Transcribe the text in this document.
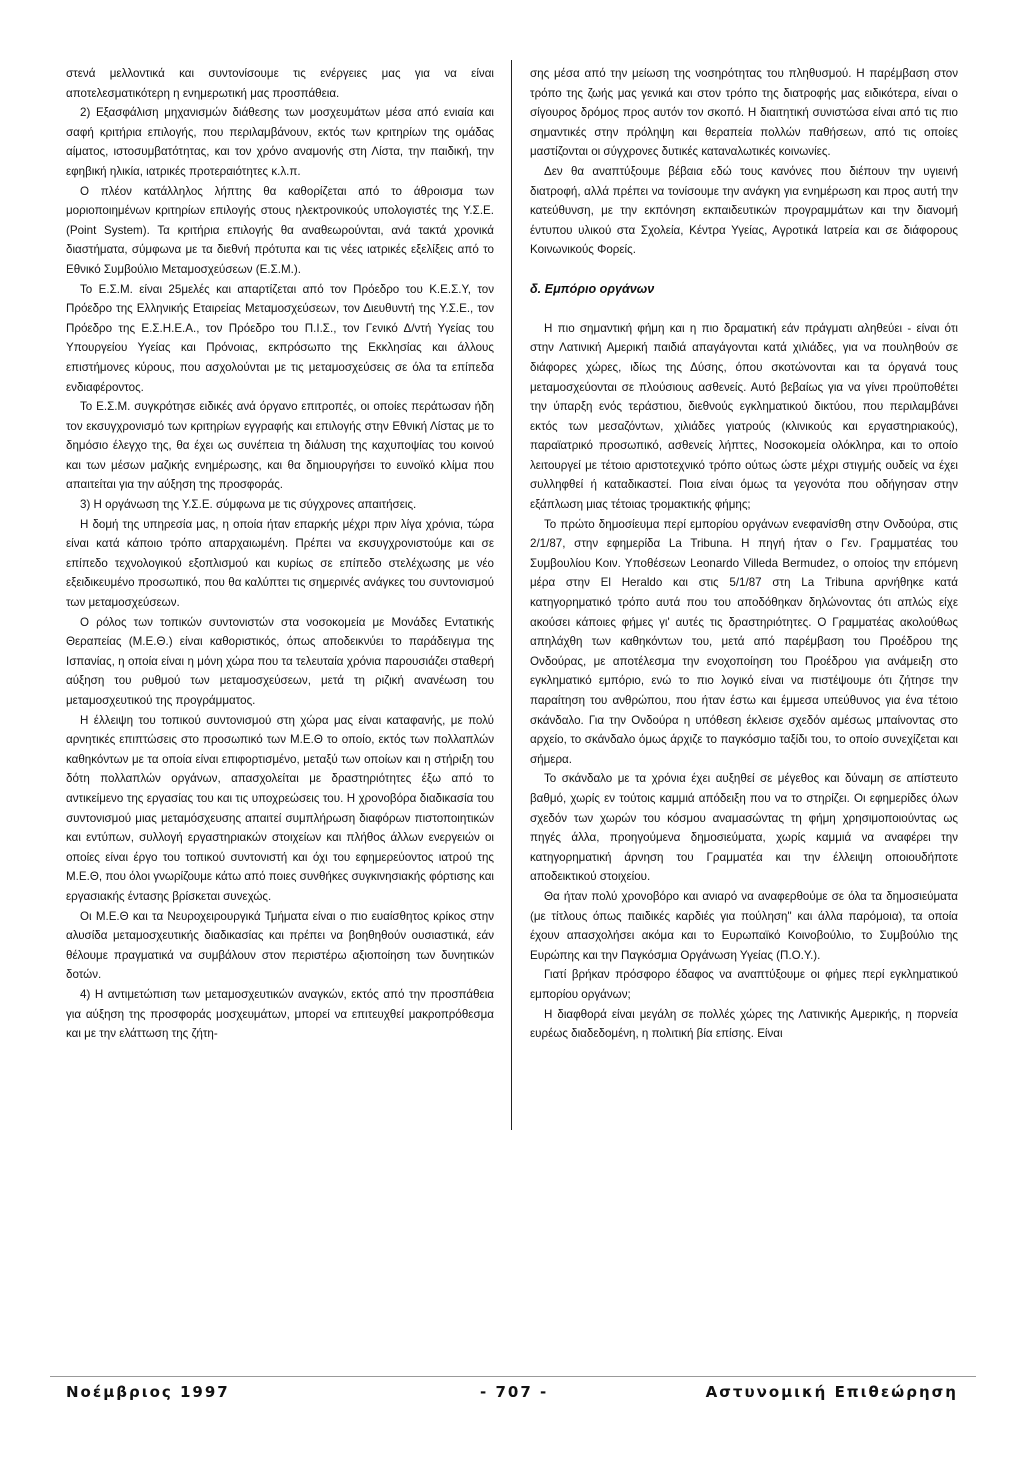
στενά μελλοντικά και συντονίσουμε τις ενέργειες μας για να είναι αποτελεσματικότερη η ενημερωτική μας προσπάθεια.

2) Εξασφάλιση μηχανισμών διάθεσης των μοσχευμάτων μέσα από ενιαία και σαφή κριτήρια επιλογής, που περιλαμβάνουν, εκτός των κριτηρίων της ομάδας αίματος, ιστοσυμβατότητας, και τον χρόνο αναμονής στη Λίστα, την παιδική, την εφηβική ηλικία, ιατρικές προτεραιότητες κ.λ.π.

Ο πλέον κατάλληλος λήπτης θα καθορίζεται από το άθροισμα των μοριοποιημένων κριτηρίων επιλογής στους ηλεκτρονικούς υπολογιστές της Υ.Σ.Ε. (Point System). Τα κριτήρια επιλογής θα αναθεωρούνται, ανά τακτά χρονικά διαστήματα, σύμφωνα με τα διεθνή πρότυπα και τις νέες ιατρικές εξελίξεις από το Εθνικό Συμβούλιο Μεταμοσχεύσεων (Ε.Σ.Μ.).

Το Ε.Σ.Μ. είναι 25μελές και απαρτίζεται από τον Πρόεδρο του Κ.Ε.Σ.Υ, τον Πρόεδρο της Ελληνικής Εταιρείας Μεταμοσχεύσεων, τον Διευθυντή της Υ.Σ.Ε., τον Πρόεδρο της Ε.Σ.Η.Ε.Α., τον Πρόεδρο του Π.Ι.Σ., τον Γενικό Δ/ντή Υγείας του Υπουργείου Υγείας και Πρόνοιας, εκπρόσωπο της Εκκλησίας και άλλους επιστήμονες κύρους, που ασχολούνται με τις μεταμοσχεύσεις σε όλα τα επίπεδα ενδιαφέροντος.

Το Ε.Σ.Μ. συγκρότησε ειδικές ανά όργανο επιτροπές, οι οποίες περάτωσαν ήδη τον εκσυγχρονισμό των κριτηρίων εγγραφής και επιλογής στην Εθνική Λίστας με το δημόσιο έλεγχο της, θα έχει ως συνέπεια τη διάλυση της καχυποψίας του κοινού και των μέσων μαζικής ενημέρωσης, και θα δημιουργήσει το ευνοϊκό κλίμα που απαιτείται για την αύξηση της προσφοράς.

3) Η οργάνωση της Υ.Σ.Ε. σύμφωνα με τις σύγχρονες απαιτήσεις.

Η δομή της υπηρεσία μας, η οποία ήταν επαρκής μέχρι πριν λίγα χρόνια, τώρα είναι κατά κάποιο τρόπο απαρχαιωμένη. Πρέπει να εκσυγχρονιστούμε και σε επίπεδο τεχνολογικού εξοπλισμού και κυρίως σε επίπεδο στελέχωσης με νέο εξειδικευμένο προσωπικό, που θα καλύπτει τις σημερινές ανάγκες του συντονισμού των μεταμοσχεύσεων.

Ο ρόλος των τοπικών συντονιστών στα νοσοκομεία με Μονάδες Εντατικής Θεραπείας (Μ.Ε.Θ.) είναι καθοριστικός, όπως αποδεικνύει το παράδειγμα της Ισπανίας, η οποία είναι η μόνη χώρα που τα τελευταία χρόνια παρουσιάζει σταθερή αύξηση του ρυθμού των μεταμοσχεύσεων, μετά τη ριζική ανανέωση του μεταμοσχευτικού της προγράμματος.

Η έλλειψη του τοπικού συντονισμού στη χώρα μας είναι καταφανής, με πολύ αρνητικές επιπτώσεις στο προσωπικό των Μ.Ε.Θ το οποίο, εκτός των πολλαπλών καθηκόντων με τα οποία είναι επιφορτισμένο, μεταξύ των οποίων και η στήριξη του δότη πολλαπλών οργάνων, απασχολείται με δραστηριότητες έξω από το αντικείμενο της εργασίας του και τις υποχρεώσεις του. Η χρονοβόρα διαδικασία του συντονισμού μιας μεταμόσχευσης απαιτεί συμπλήρωση διαφόρων πιστοποιητικών και εντύπων, συλλογή εργαστηριακών στοιχείων και πλήθος άλλων ενεργειών οι οποίες είναι έργο του τοπικού συντονιστή και όχι του εφημερεύοντος ιατρού της Μ.Ε.Θ, που όλοι γνωρίζουμε κάτω από ποιες συνθήκες συγκινησιακής φόρτισης και εργασιακής έντασης βρίσκεται συνεχώς.

Οι Μ.Ε.Θ και τα Νευροχειρουργικά Τμήματα είναι ο πιο ευαίσθητος κρίκος στην αλυσίδα μεταμοσχευτικής διαδικασίας και πρέπει να βοηθηθούν ουσιαστικά, εάν θέλουμε πραγματικά να συμβάλουν στον περιστέρω αξιοποίηση των δυνητικών δοτών.

4) Η αντιμετώπιση των μεταμοσχευτικών αναγκών, εκτός από την προσπάθεια για αύξηση της προσφοράς μοσχευμάτων, μπορεί να επιτευχθεί μακροπρόθεσμα και με την ελάττωση της ζήτη-

σης μέσα από την μείωση της νοσηρότητας του πληθυσμού. Η παρέμβαση στον τρόπο της ζωής μας γενικά και στον τρόπο της διατροφής μας ειδικότερα, είναι ο σίγουρος δρόμος προς αυτόν τον σκοπό. Η διαιτητική συνιστώσα είναι από τις πιο σημαντικές στην πρόληψη και θεραπεία πολλών παθήσεων, από τις οποίες μαστίζονται οι σύγχρονες δυτικές καταναλωτικές κοινωνίες.

Δεν θα αναπτύξουμε βέβαια εδώ τους κανόνες που διέπουν την υγιεινή διατροφή, αλλά πρέπει να τονίσουμε την ανάγκη για ενημέρωση και προς αυτή την κατεύθυνση, με την εκπόνηση εκπαιδευτικών προγραμμάτων και την διανομή έντυπου υλικού στα Σχολεία, Κέντρα Υγείας, Αγροτικά Ιατρεία και σε διάφορους Κοινωνικούς Φορείς.

δ. Εμπόριο οργάνων

Η πιο σημαντική φήμη και η πιο δραματική εάν πράγματι αληθεύει - είναι ότι στην Λατινική Αμερική παιδιά απαγάγονται κατά χιλιάδες, για να πουληθούν σε διάφορες χώρες, ιδίως της Δύσης, όπου σκοτώνονται και τα όργανά τους μεταμοσχεύονται σε πλούσιους ασθενείς. Αυτό βεβαίως για να γίνει προϋποθέτει την ύπαρξη ενός τεράστιου, διεθνούς εγκληματικού δικτύου, που περιλαμβάνει εκτός των μεσαζόντων, χιλιάδες γιατρούς (κλινικούς και εργαστηριακούς), παραϊατρικό προσωπικό, ασθενείς λήπτες, Νοσοκομεία ολόκληρα, και το οποίο λειτουργεί με τέτοιο αριστοτεχνικό τρόπο ούτως ώστε μέχρι στιγμής ουδείς να έχει συλληφθεί ή καταδικαστεί. Ποια είναι όμως τα γεγονότα που οδήγησαν στην εξάπλωση μιας τέτοιας τρομακτικής φήμης;

Το πρώτο δημοσίευμα περί εμπορίου οργάνων ενεφανίσθη στην Ονδούρα, στις 2/1/87, στην εφημερίδα La Tribuna. Η πηγή ήταν ο Γεν. Γραμματέας του Συμβουλίου Κοιν. Υποθέσεων Leonardo Villeda Bermudez, ο οποίος την επόμενη μέρα στην El Heraldo και στις 5/1/87 στη La Tribuna αρνήθηκε κατά κατηγορηματικό τρόπο αυτά που του αποδόθηκαν δηλώνοντας ότι απλώς είχε ακούσει κάποιες φήμες γι' αυτές τις δραστηριότητες. Ο Γραμματέας ακολούθως απηλάχθη των καθηκόντων του, μετά από παρέμβαση του Προέδρου της Ονδούρας, με αποτέλεσμα την ενοχοποίηση του Προέδρου για ανάμειξη στο εγκληματικό εμπόριο, ενώ το πιο λογικό είναι να πιστέψουμε ότι ζήτησε την παραίτηση του ανθρώπου, που ήταν έστω και έμμεσα υπεύθυνος για ένα τέτοιο σκάνδαλο. Για την Ονδούρα η υπόθεση έκλεισε σχεδόν αμέσως μπαίνοντας στο αρχείο, το σκάνδαλο όμως άρχιζε το παγκόσμιο ταξίδι του, το οποίο συνεχίζεται και σήμερα.

Το σκάνδαλο με τα χρόνια έχει αυξηθεί σε μέγεθος και δύναμη σε απίστευτο βαθμό, χωρίς εν τούτοις καμμιά απόδειξη που να το στηρίζει. Οι εφημερίδες όλων σχεδόν των χωρών του κόσμου αναμασώντας τη φήμη χρησιμοποιούντας ως πηγές άλλα, προηγούμενα δημοσιεύματα, χωρίς καμμιά να αναφέρει την κατηγορηματική άρνηση του Γραμματέα και την έλλειψη οποιουδήποτε αποδεικτικού στοιχείου.

Θα ήταν πολύ χρονοβόρο και ανιαρό να αναφερθούμε σε όλα τα δημοσιεύματα (με τίτλους όπως παιδικές καρδιές για πούληση" και άλλα παρόμοια), τα οποία έχουν απασχολήσει ακόμα και το Ευρωπαϊκό Κοινοβούλιο, το Συμβούλιο της Ευρώπης και την Παγκόσμια Οργάνωση Υγείας (Π.Ο.Υ.).

Γιατί βρήκαν πρόσφορο έδαφος να αναπτύξουμε οι φήμες περί εγκληματικού εμπορίου οργάνων;

Η διαφθορά είναι μεγάλη σε πολλές χώρες της Λατινικής Αμερικής, η πορνεία ευρέως διαδεδομένη, η πολιτική βία επίσης. Είναι

Νοέμβριος 1997	- 707 -	Αστυνομική Επιθεώρηση
